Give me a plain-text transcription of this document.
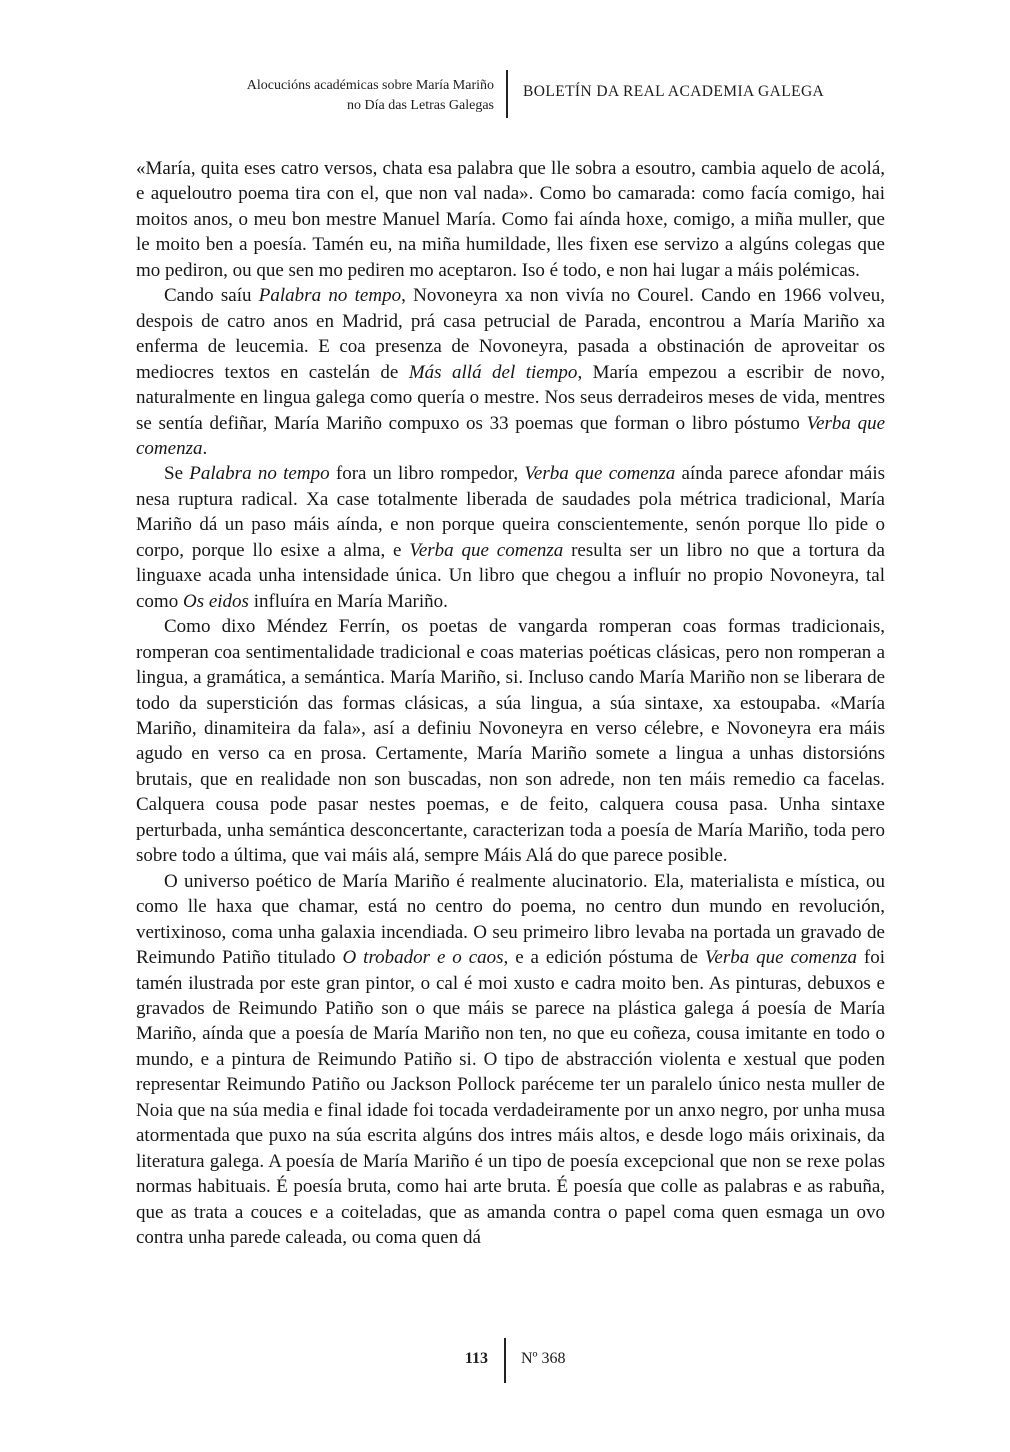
Alocucións académicas sobre María Mariño
no Día das Letras Galegas
BOLETÍN DA REAL ACADEMIA GALEGA

«María, quita eses catro versos, chata esa palabra que lle sobra a esoutro, cambia aquelo de acolá, e aqueloutro poema tira con el, que non val nada». Como bo camarada: como facía comigo, hai moitos anos, o meu bon mestre Manuel María. Como fai aínda hoxe, comigo, a miña muller, que le moito ben a poesía. Tamén eu, na miña humildade, lles fixen ese servizo a algúns colegas que mo pediron, ou que sen mo pediren mo aceptaron. Iso é todo, e non hai lugar a máis polémicas.

Cando saíu Palabra no tempo, Novoneyra xa non vivía no Courel. Cando en 1966 volveu, despois de catro anos en Madrid, prá casa petrucial de Parada, encontrou a María Mariño xa enferma de leucemia. E coa presenza de Novoneyra, pasada a obstinación de aproveitar os mediocres textos en castelán de Más allá del tiempo, María empezou a escribir de novo, naturalmente en lingua galega como quería o mestre. Nos seus derradeiros meses de vida, mentres se sentía defiñar, María Mariño compuxo os 33 poemas que forman o libro póstumo Verba que comenza.

Se Palabra no tempo fora un libro rompedor, Verba que comenza aínda parece afondar máis nesa ruptura radical. Xa case totalmente liberada de saudades pola métrica tradicional, María Mariño dá un paso máis aínda, e non porque queira conscientemente, senón porque llo pide o corpo, porque llo esixe a alma, e Verba que comenza resulta ser un libro no que a tortura da linguaxe acada unha intensidade única. Un libro que chegou a influír no propio Novoneyra, tal como Os eidos influíra en María Mariño.

Como dixo Méndez Ferrín, os poetas de vangarda romperan coas formas tradicionais, romperan coa sentimentalidade tradicional e coas materias poéticas clásicas, pero non romperan a lingua, a gramática, a semántica. María Mariño, si. Incluso cando María Mariño non se liberara de todo da superstición das formas clásicas, a súa lingua, a súa sintaxe, xa estoupaba. «María Mariño, dinamiteira da fala», así a definiu Novoneyra en verso célebre, e Novoneyra era máis agudo en verso ca en prosa. Certamente, María Mariño somete a lingua a unhas distorsións brutais, que en realidade non son buscadas, non son adrede, non ten máis remedio ca facelas. Calquera cousa pode pasar nestes poemas, e de feito, calquera cousa pasa. Unha sintaxe perturbada, unha semántica desconcertante, caracterizan toda a poesía de María Mariño, toda pero sobre todo a última, que vai máis alá, sempre Máis Alá do que parece posible.

O universo poético de María Mariño é realmente alucinatorio. Ela, materialista e mística, ou como lle haxa que chamar, está no centro do poema, no centro dun mundo en revolución, vertixinoso, coma unha galaxia incendiada. O seu primeiro libro levaba na portada un gravado de Reimundo Patiño titulado O trobador e o caos, e a edición póstuma de Verba que comenza foi tamén ilustrada por este gran pintor, o cal é moi xusto e cadra moito ben. As pinturas, debuxos e gravados de Reimundo Patiño son o que máis se parece na plástica galega á poesía de María Mariño, aínda que a poesía de María Mariño non ten, no que eu coñeza, cousa imitante en todo o mundo, e a pintura de Reimundo Patiño si. O tipo de abstracción violenta e xestual que poden representar Reimundo Patiño ou Jackson Pollock paréceme ter un paralelo único nesta muller de Noia que na súa media e final idade foi tocada verdadeiramente por un anxo negro, por unha musa atormentada que puxo na súa escrita algúns dos intres máis altos, e desde logo máis orixinais, da literatura galega. A poesía de María Mariño é un tipo de poesía excepcional que non se rexe polas normas habituais. É poesía bruta, como hai arte bruta. É poesía que colle as palabras e as rabuña, que as trata a couces e a coiteladas, que as amanda contra o papel coma quen esmaga un ovo contra unha parede caleada, ou coma quen dá

113 Nº 368
